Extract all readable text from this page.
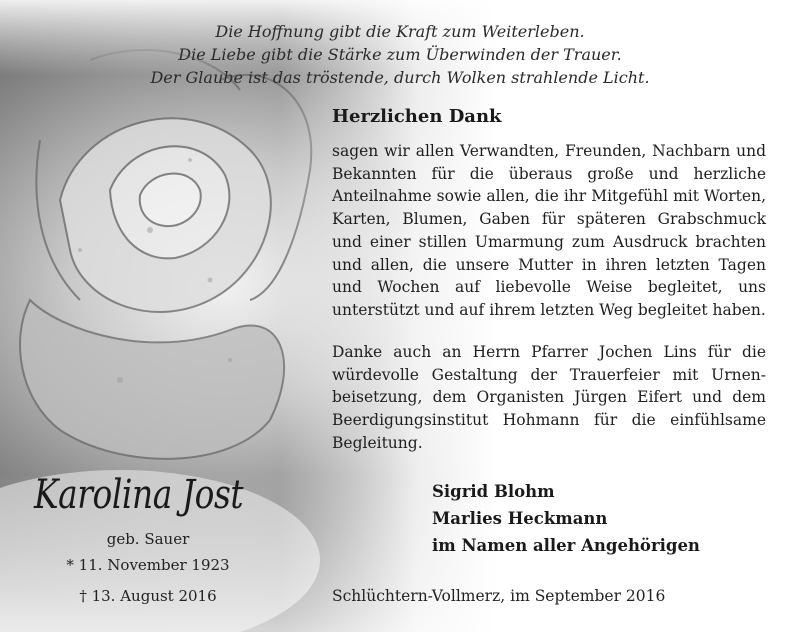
Die Hoffnung gibt die Kraft zum Weiterleben.
Die Liebe gibt die Stärke zum Überwinden der Trauer.
Der Glaube ist das tröstende, durch Wolken strahlende Licht.
Herzlichen Dank
sagen wir allen Verwandten, Freunden, Nachbarn und Bekannten für die überaus große und herzliche Anteilnahme sowie allen, die ihr Mitgefühl mit Worten, Karten, Blumen, Gaben für späteren Grabschmuck und einer stillen Umarmung zum Ausdruck brachten und allen, die unsere Mutter in ihren letzten Tagen und Wochen auf liebevolle Weise begleitet, uns unterstützt und auf ihrem letzten Weg begleitet haben.
Danke auch an Herrn Pfarrer Jochen Lins für die würdevolle Gestaltung der Trauerfeier mit Urnenbeisetzung, dem Organisten Jürgen Eifert und dem Beerdigungsinstitut Hohmann für die einfühlsame Begleitung.
Karolina Jost
geb. Sauer
* 11. November 1923
† 13. August 2016
Sigrid Blohm
Marlies Heckmann
im Namen aller Angehörigen
Schlüchtern-Vollmerz, im September 2016
